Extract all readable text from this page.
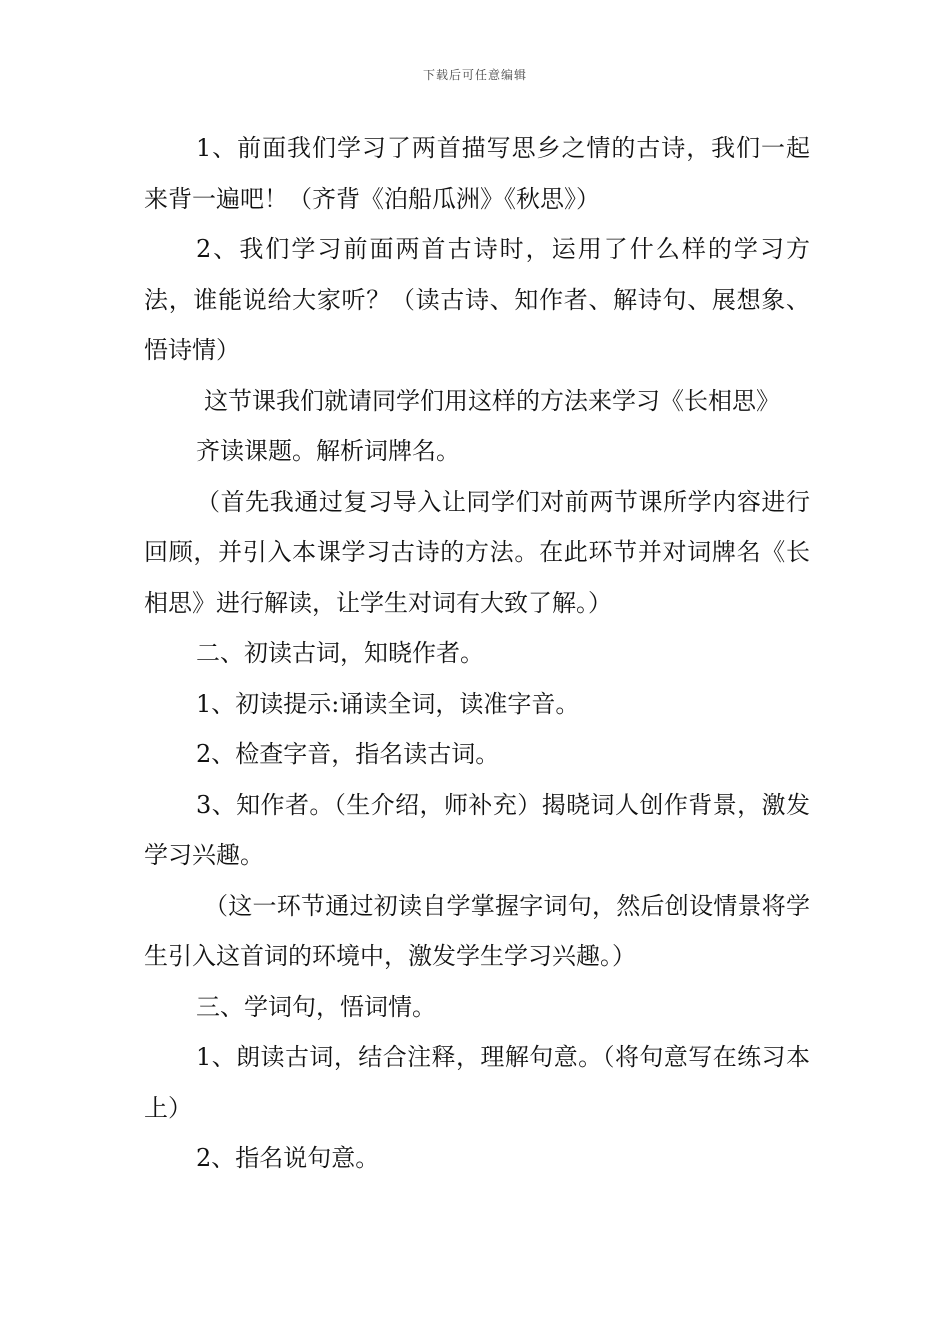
下载后可任意编辑

1、前面我们学习了两首描写思乡之情的古诗，我们一起来背一遍吧！（齐背《泊船瓜洲》《秋思》）

2、我们学习前面两首古诗时，运用了什么样的学习方法，谁能说给大家听？（读古诗、知作者、解诗句、展想象、悟诗情）

这节课我们就请同学们用这样的方法来学习《长相思》

齐读课题。解析词牌名。

（首先我通过复习导入让同学们对前两节课所学内容进行回顾，并引入本课学习古诗的方法。在此环节并对词牌名《长相思》进行解读，让学生对词有大致了解。）

二、初读古词，知晓作者。

1、初读提示:诵读全词，读准字音。

2、检查字音，指名读古词。

3、知作者。（生介绍，师补充）揭晓词人创作背景，激发学习兴趣。

（这一环节通过初读自学掌握字词句，然后创设情景将学生引入这首词的环境中，激发学生学习兴趣。）

三、学词句，悟词情。

1、朗读古词，结合注释，理解句意。（将句意写在练习本上）

2、指名说句意。
